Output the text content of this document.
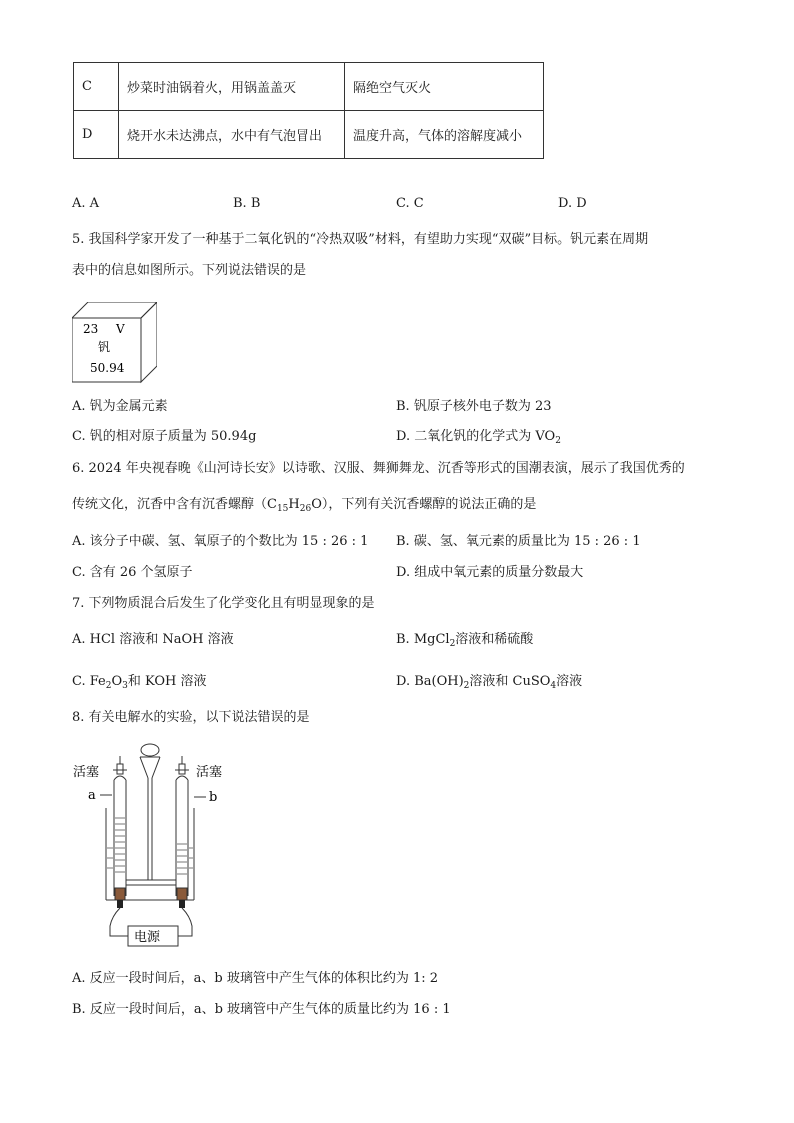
C	炒菜时油锅着火，用锅盖盖灭	隔绝空气灭火
D	烧开水未达沸点，水中有气泡冒出	温度升高，气体的溶解度减小
A. A	B. B	C. C	D. D
5. 我国科学家开发了一种基于二氧化钒的“冷热双吸”材料，有望助力实现“双碳”目标。钒元素在周期
表中的信息如图所示。下列说法错误的是
23 V
钒
50.94
A. 钒为金属元素	B. 钒原子核外电子数为 23
C. 钒的相对原子质量为 50.94g	D. 二氧化钒的化学式为 $VO_2$
6. 2024 年央视春晚《山河诗长安》以诗歌、汉服、舞狮舞龙、沉香等形式的国潮表演，展示了我国优秀的
传统文化，沉香中含有沉香螺醇$(C_{15}H_{26}O)$，下列有关沉香螺醇的说法正确的是
A. 该分子中碳、氢、氧原子的个数比为 15 : 26 : 1 B. 碳、氢、氧元素的质量比为 15 : 26 : 1
C. 含有 26 个氢原子	D. 组成中氧元素的质量分数最大
7. 下列物质混合后发生了化学变化且有明显现象的是
A. HCl 溶液和 NaOH 溶液	B. MgCl$_2$溶液和稀硫酸
C. $Fe_2O_3$和 KOH 溶液	D. $Ba(OH)_2$溶液和 CuSO$_4$溶液
8. 有关电解水的实验，以下说法错误的是
活塞	活塞
a	b
电源
A. 反应一段时间后，a、b 玻璃管中产生气体的体积比约为 1: 2
B. 反应一段时间后，a、b 玻璃管中产生气体的质量比约为 16 : 1
